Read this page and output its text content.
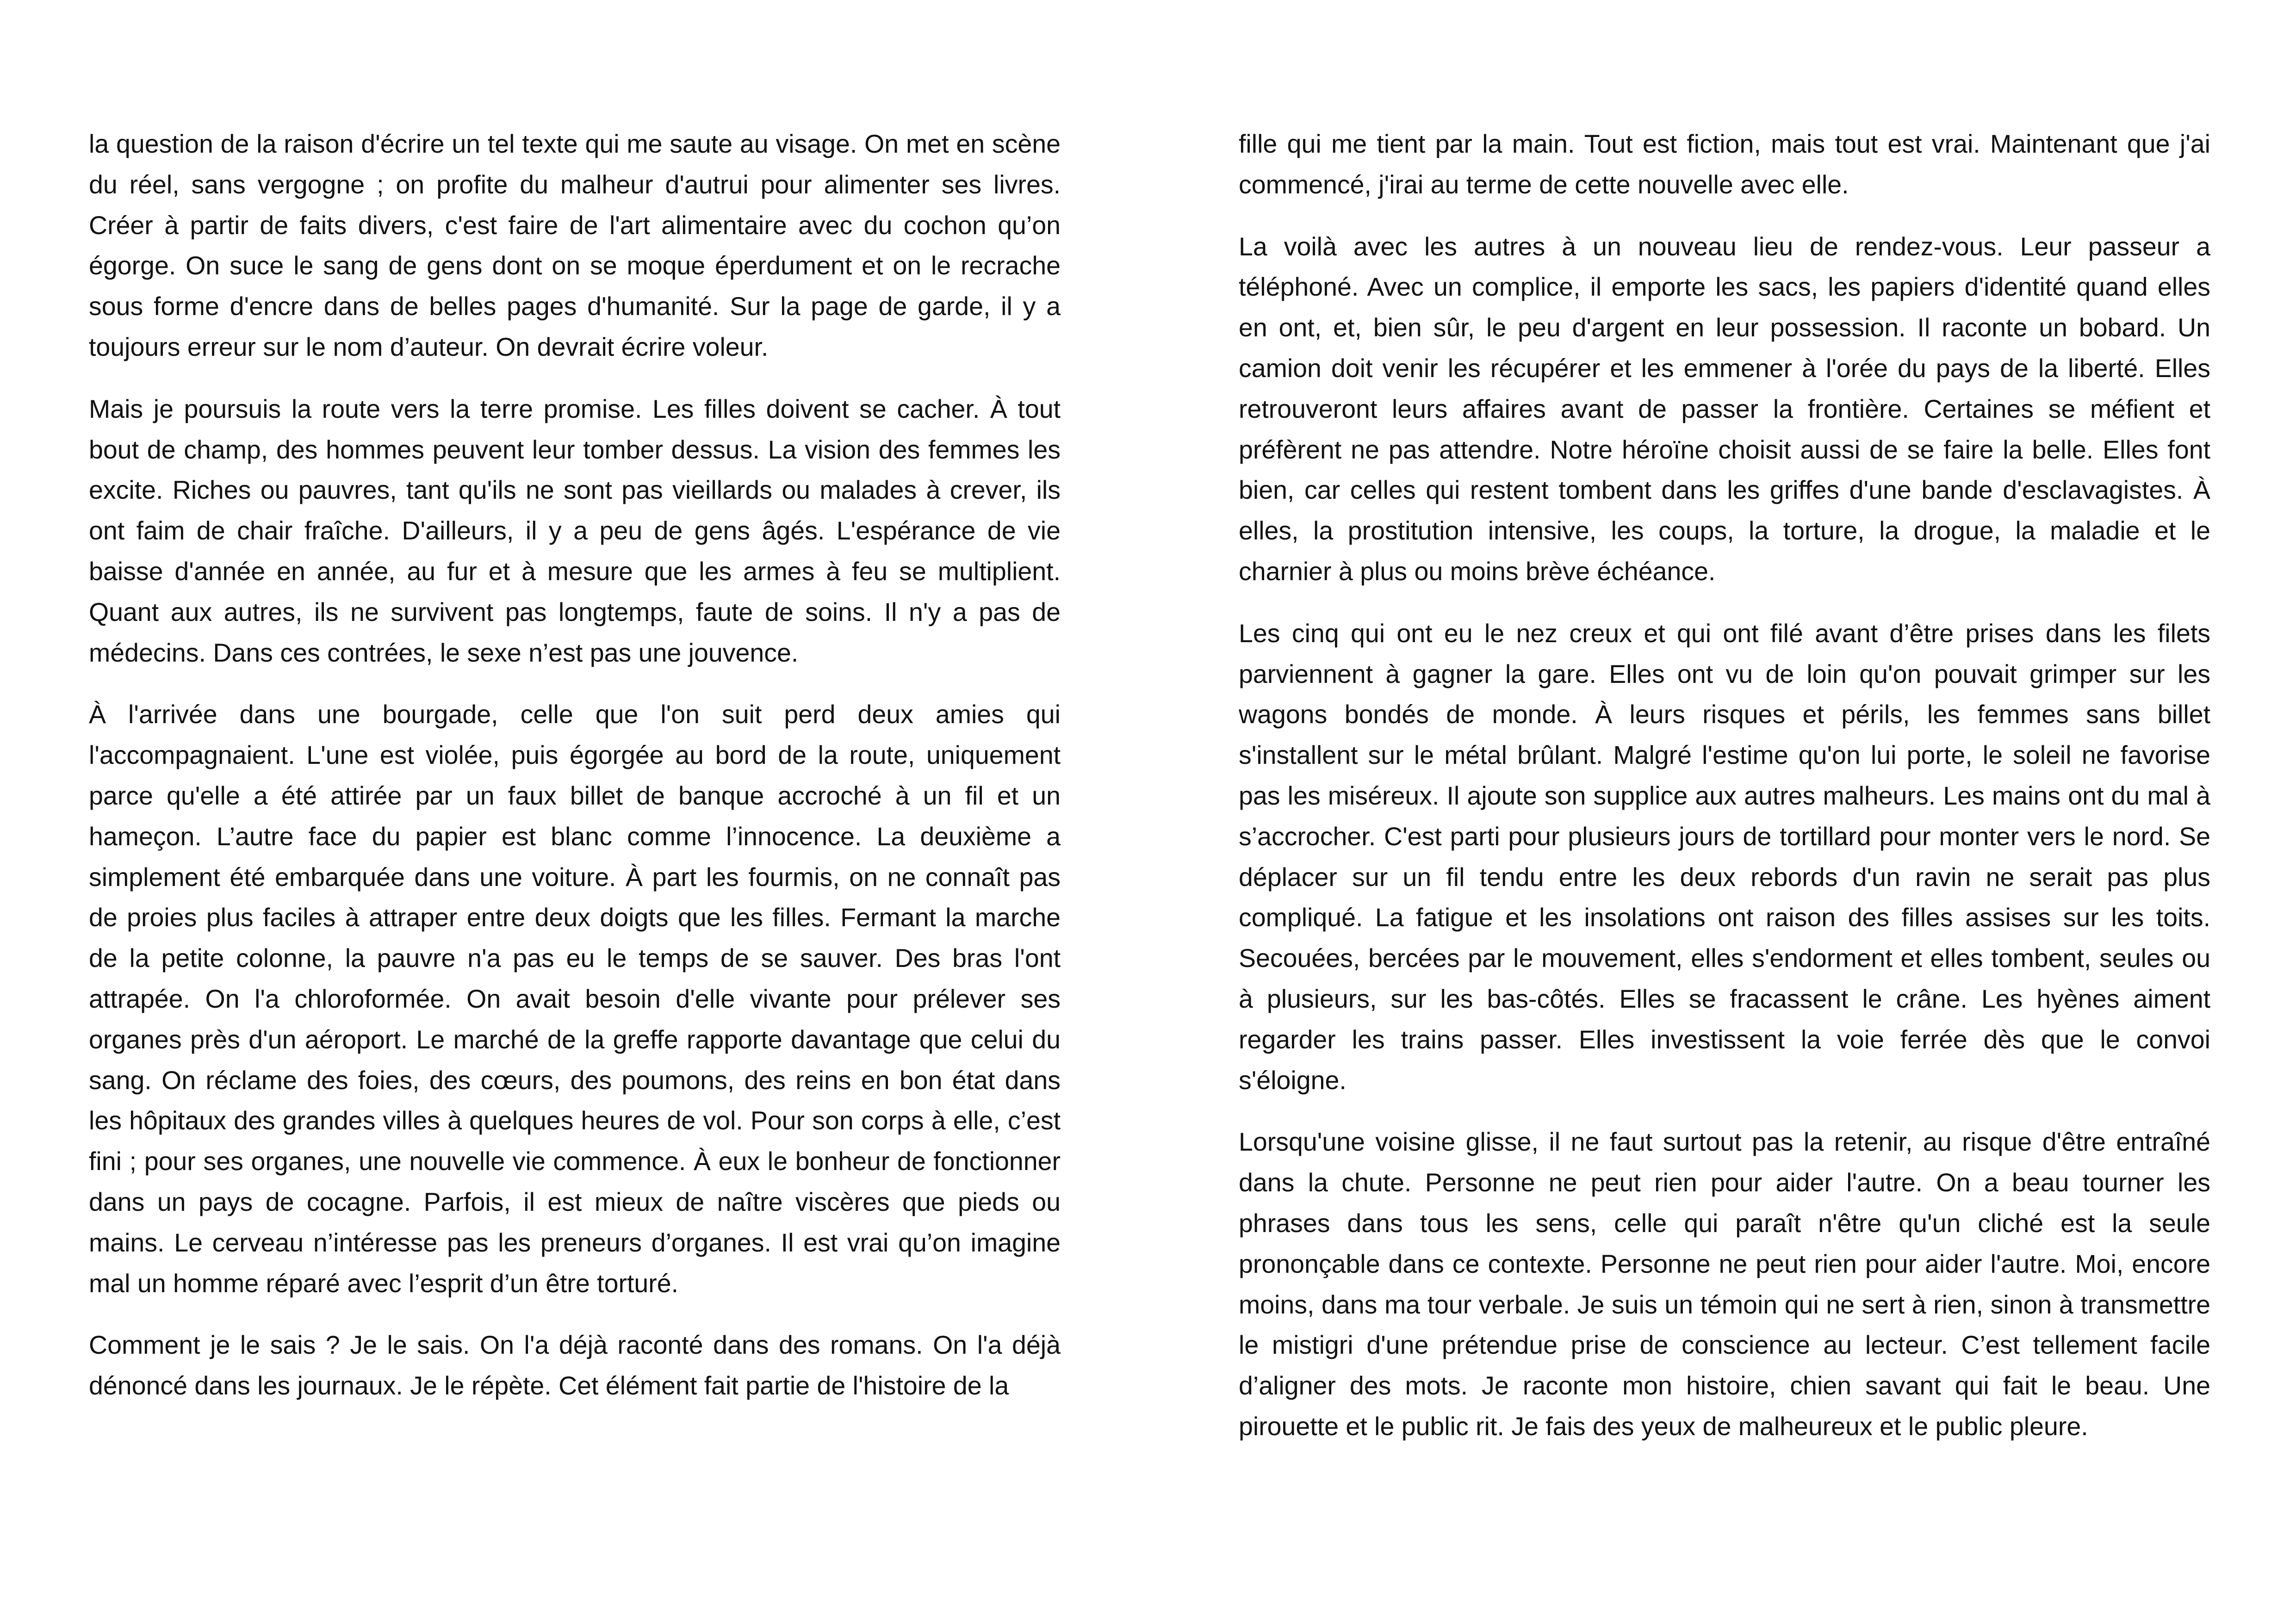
la question de la raison d'écrire un tel texte qui me saute au visage. On met en scène du réel, sans vergogne ; on profite du malheur d'autrui pour alimenter ses livres. Créer à partir de faits divers, c'est faire de l'art alimentaire avec du cochon qu’on égorge. On suce le sang de gens dont on se moque éperdument et on le recrache sous forme d'encre dans de belles pages d'humanité. Sur la page de garde, il y a toujours erreur sur le nom d’auteur. On devrait écrire voleur.

Mais je poursuis la route vers la terre promise. Les filles doivent se cacher. À tout bout de champ, des hommes peuvent leur tomber dessus. La vision des femmes les excite. Riches ou pauvres, tant qu'ils ne sont pas vieillards ou malades à crever, ils ont faim de chair fraîche. D'ailleurs, il y a peu de gens âgés. L'espérance de vie baisse d'année en année, au fur et à mesure que les armes à feu se multiplient. Quant aux autres, ils ne survivent pas longtemps, faute de soins. Il n'y a pas de médecins. Dans ces contrées, le sexe n’est pas une jouvence.

À l'arrivée dans une bourgade, celle que l'on suit perd deux amies qui l'accompagnaient. L'une est violée, puis égorgée au bord de la route, uniquement parce qu'elle a été attirée par un faux billet de banque accroché à un fil et un hameçon. L’autre face du papier est blanc comme l’innocence. La deuxième a simplement été embarquée dans une voiture. À part les fourmis, on ne connaît pas de proies plus faciles à attraper entre deux doigts que les filles. Fermant la marche de la petite colonne, la pauvre n'a pas eu le temps de se sauver. Des bras l'ont attrapée. On l'a chloroformée. On avait besoin d'elle vivante pour prélever ses organes près d'un aéroport. Le marché de la greffe rapporte davantage que celui du sang. On réclame des foies, des cœurs, des poumons, des reins en bon état dans les hôpitaux des grandes villes à quelques heures de vol. Pour son corps à elle, c’est fini ; pour ses organes, une nouvelle vie commence. À eux le bonheur de fonctionner dans un pays de cocagne. Parfois, il est mieux de naître viscères que pieds ou mains. Le cerveau n’intéresse pas les preneurs d’organes. Il est vrai qu’on imagine mal un homme réparé avec l’esprit d’un être torturé.

Comment je le sais ? Je le sais. On l'a déjà raconté dans des romans. On l'a déjà dénoncé dans les journaux. Je le répète. Cet élément fait partie de l'histoire de la

fille qui me tient par la main. Tout est fiction, mais tout est vrai. Maintenant que j'ai commencé, j'irai au terme de cette nouvelle avec elle.

La voilà avec les autres à un nouveau lieu de rendez-vous. Leur passeur a téléphoné. Avec un complice, il emporte les sacs, les papiers d'identité quand elles en ont, et, bien sûr, le peu d'argent en leur possession. Il raconte un bobard. Un camion doit venir les récupérer et les emmener à l'orée du pays de la liberté. Elles retrouveront leurs affaires avant de passer la frontière. Certaines se méfient et préfèrent ne pas attendre. Notre héroïne choisit aussi de se faire la belle. Elles font bien, car celles qui restent tombent dans les griffes d'une bande d'esclavagistes. À elles, la prostitution intensive, les coups, la torture, la drogue, la maladie et le charnier à plus ou moins brève échéance.

Les cinq qui ont eu le nez creux et qui ont filé avant d’être prises dans les filets parviennent à gagner la gare. Elles ont vu de loin qu'on pouvait grimper sur les wagons bondés de monde. À leurs risques et périls, les femmes sans billet s'installent sur le métal brûlant. Malgré l'estime qu'on lui porte, le soleil ne favorise pas les miséreux. Il ajoute son supplice aux autres malheurs. Les mains ont du mal à s’accrocher. C'est parti pour plusieurs jours de tortillard pour monter vers le nord. Se déplacer sur un fil tendu entre les deux rebords d'un ravin ne serait pas plus compliqué. La fatigue et les insolations ont raison des filles assises sur les toits. Secouées, bercées par le mouvement, elles s'endorment et elles tombent, seules ou à plusieurs, sur les bas-côtés. Elles se fracassent le crâne. Les hyènes aiment regarder les trains passer. Elles investissent la voie ferrée dès que le convoi s'éloigne.

Lorsqu'une voisine glisse, il ne faut surtout pas la retenir, au risque d'être entraîné dans la chute. Personne ne peut rien pour aider l'autre. On a beau tourner les phrases dans tous les sens, celle qui paraît n'être qu'un cliché est la seule prononçable dans ce contexte. Personne ne peut rien pour aider l'autre. Moi, encore moins, dans ma tour verbale. Je suis un témoin qui ne sert à rien, sinon à transmettre le mistigri d'une prétendue prise de conscience au lecteur. C’est tellement facile d’aligner des mots. Je raconte mon histoire, chien savant qui fait le beau. Une pirouette et le public rit. Je fais des yeux de malheureux et le public pleure.
